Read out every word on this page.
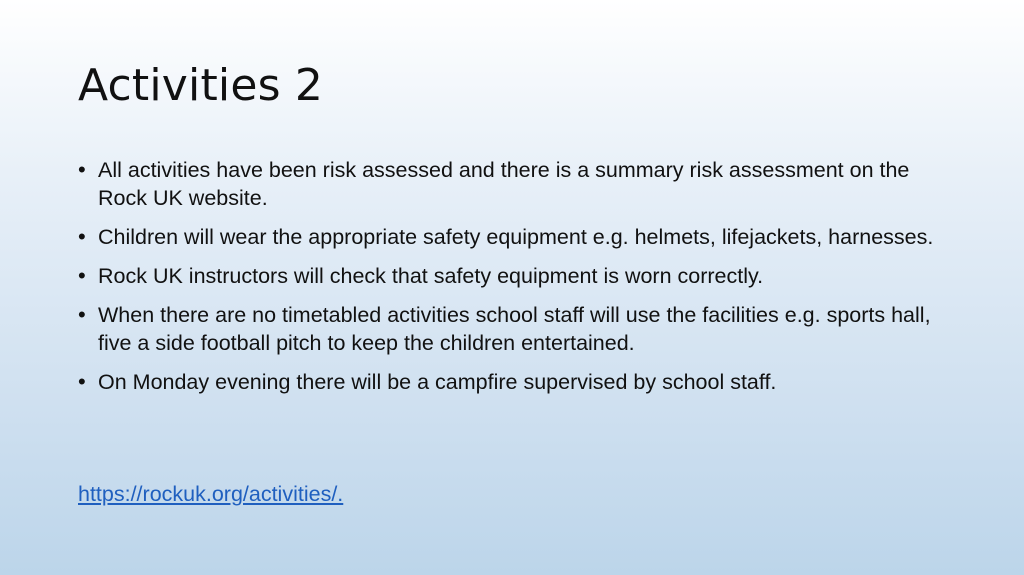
Activities 2
• All activities have been risk assessed and there is a summary risk assessment on the Rock UK website.
• Children will wear the appropriate safety equipment e.g. helmets, lifejackets, harnesses.
• Rock UK instructors will check that safety equipment is worn correctly.
• When there are no timetabled activities school staff will use the facilities e.g. sports hall, five a side football pitch to keep the children entertained.
• On Monday evening there will be a campfire supervised by school staff.
https://rockuk.org/activities/.
